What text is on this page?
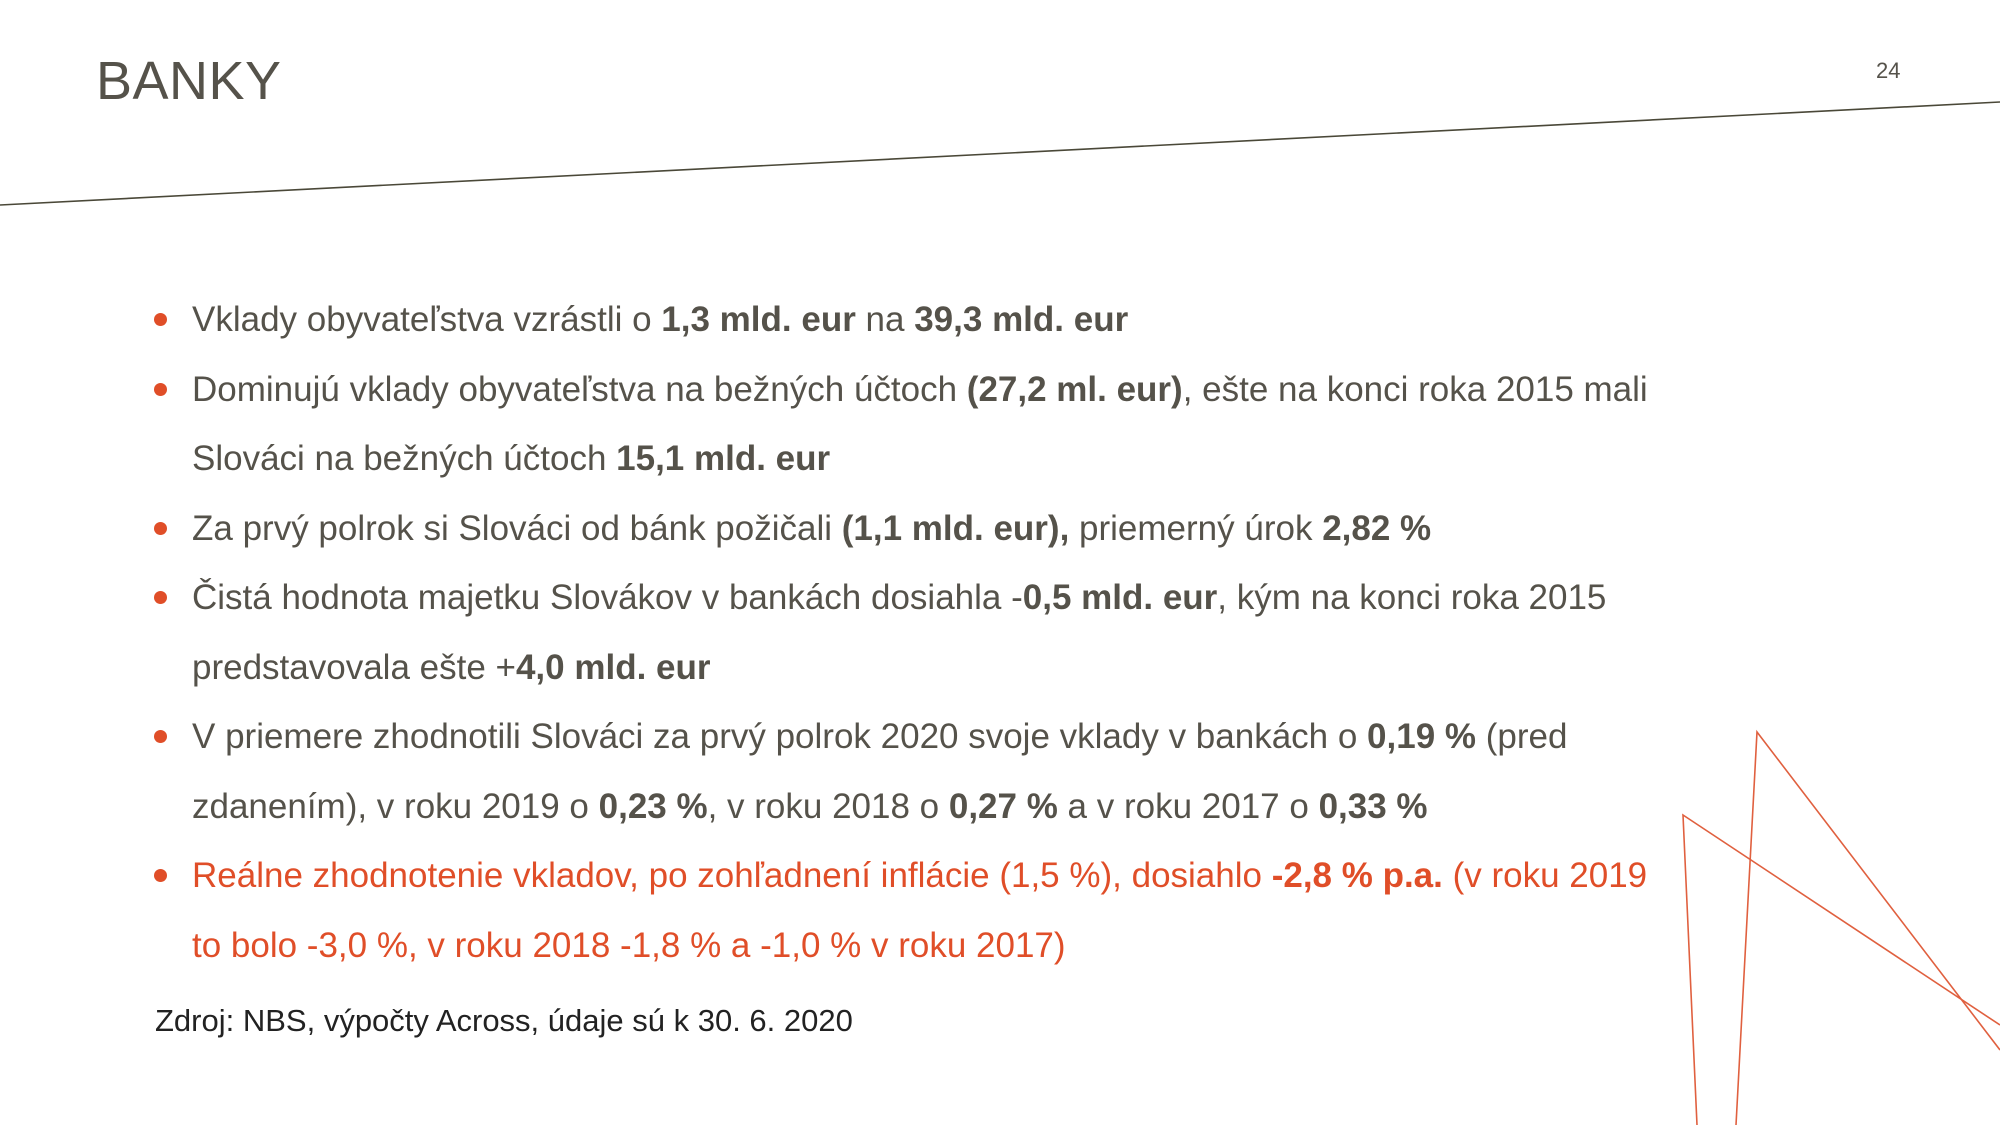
BANKY	24
Vklady obyvateľstva vzrástli o 1,3 mld. eur na 39,3 mld. eur
Dominujú vklady obyvateľstva na bežných účtoch (27,2 ml. eur), ešte na konci roka 2015 mali Slováci na bežných účtoch 15,1 mld. eur
Za prvý polrok si Slováci od bánk požičali (1,1 mld. eur), priemerný úrok 2,82 %
Čistá hodnota majetku Slovákov v bankách dosiahla -0,5 mld. eur, kým na konci roka 2015 predstavovala ešte +4,0 mld. eur
V priemere zhodnotili Slováci za prvý polrok 2020 svoje vklady v bankách o 0,19 % (pred zdanením), v roku 2019 o 0,23 %, v roku 2018 o 0,27 % a v roku 2017 o 0,33 %
Reálne zhodnotenie vkladov, po zohľadnení inflácie (1,5 %), dosiahlo -2,8 % p.a. (v roku 2019 to bolo -3,0 %, v roku 2018 -1,8 % a -1,0 % v roku 2017)
Zdroj: NBS, výpočty Across, údaje sú k 30. 6. 2020
